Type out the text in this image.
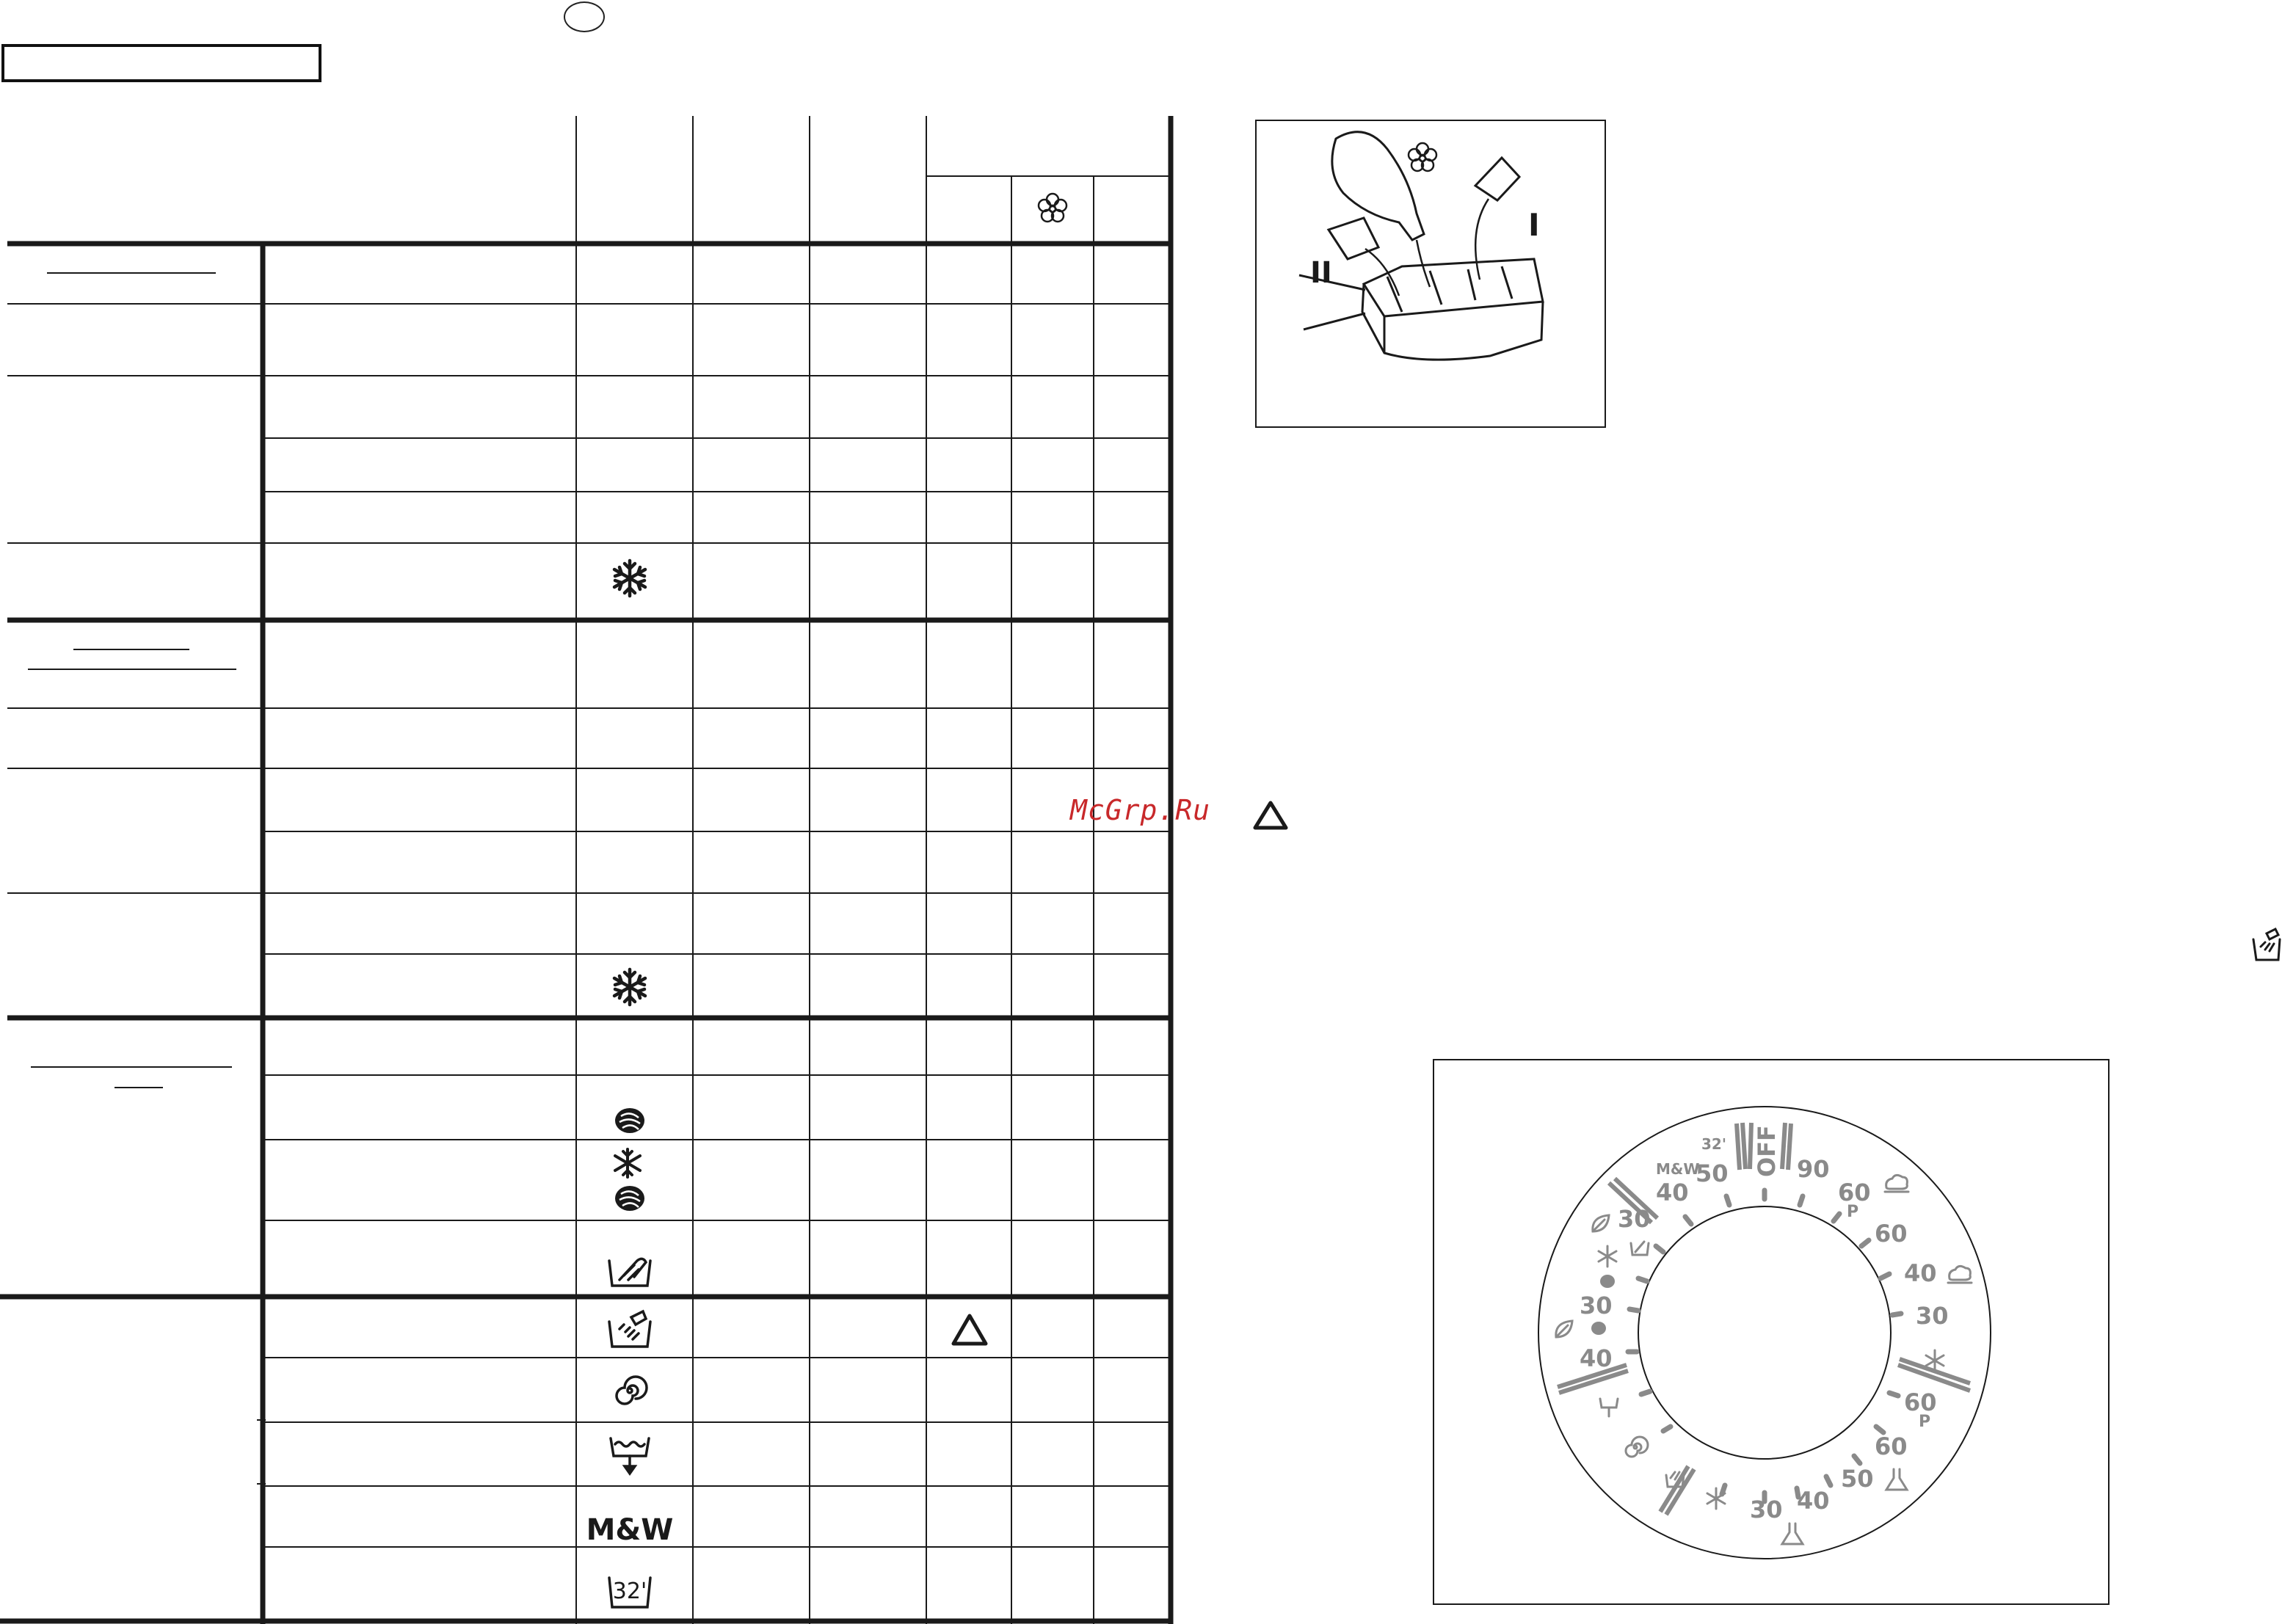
M&W
32'
II
I
McGrp.Ru
OFF
M&W
32'
40
50	90
60
P
60
40
30
60
P
60
50
40
30
30
30
40
